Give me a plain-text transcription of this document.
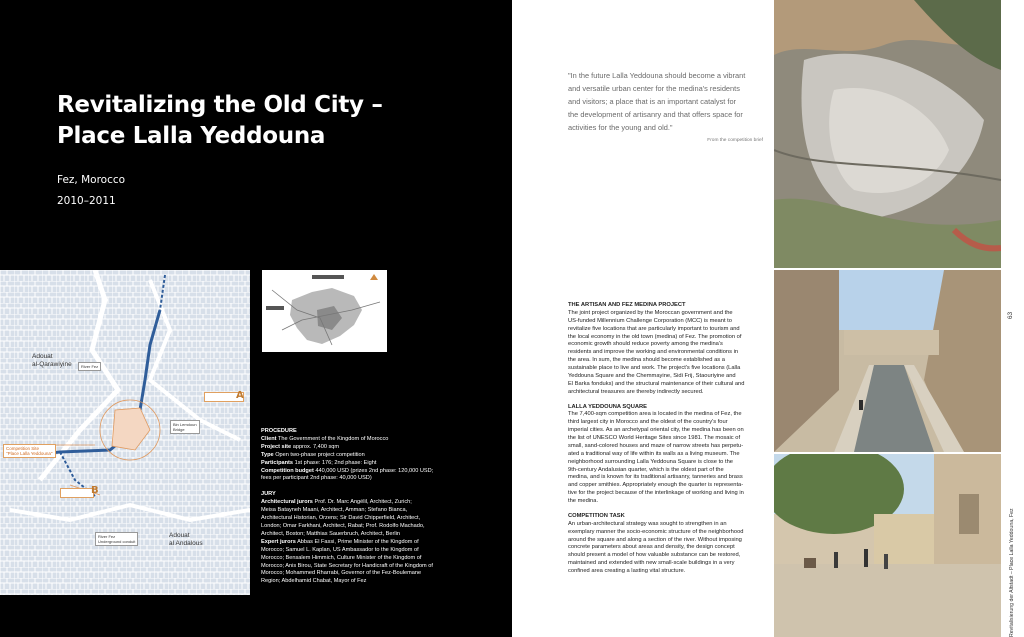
Revitalizing the Old City –
Place Lalla Yeddouna
Fez, Morocco
2010–2011
Adouat
al-Qarawiyine
Adouat
al Andalous
River Fez
Bin Lemdoun
Bridge
River Fez
Underground conduit
Competition Site
"Place Lalla Yeddouna"
A
B
PROCEDURE
Client The Government of the Kingdom of Morocco
Project site approx. 7,400 sqm
Type Open two-phase project competition
Participants 1st phase: 176; 2nd phase: Eight
Competition budget 440,000 USD (prizes 2nd phase: 120,000 USD;
fees per participant 2nd phase: 40,000 USD)
JURY
Architectural jurors Prof. Dr. Marc Angélil, Architect, Zurich;
Meisa Batayneh Maani, Architect, Amman; Stefano Bianca,
Architectural Historian, Orzens; Sir David Chipperfield, Architect,
London; Omar Farkhani, Architect, Rabat; Prof. Rodolfo Machado,
Architect, Boston; Matthias Sauerbruch, Architect, Berlin
Expert jurors Abbas El Fassi, Prime Minister of the Kingdom of
Morocco; Samuel L. Kaplan, US Ambassador to the Kingdom of
Morocco; Bensalem Himmich, Culture Minister of the Kingdom of
Morocco; Anis Birou, State Secretary for Handicraft of the Kingdom of
Morocco; Mohammed Rharrabi, Governor of the Fez-Boulemane
Region; Abdelhamid Chabat, Mayor of Fez
"In the future Lalla Yeddouna should become a vibrant
and versatile urban center for the medina's residents
and visitors; a place that is an important catalyst for
the development of artisanry and that offers space for
activities for the young and old."
From the competition brief
THE ARTISAN AND FEZ MEDINA PROJECT
The joint project organized by the Moroccan government and the
US-funded Millennium Challenge Corporation (MCC) is meant to
revitalize five locations that are particularly important to tourism and
the local economy in the old town (medina) of Fez. The promotion of
economic growth should reduce poverty among the medina's
residents and improve the working and environmental conditions in
the area. In sum, the medina should become established as a
sustainable place to live and work. The project's five locations (Lalla
Yeddouna Square and the Chemmayine, Sidi Frij, Staouriyine and
El Barka fonduks) and the structural maintenance of their cultural and
architectural treasures are thereby indirectly secured.
LALLA YEDDOUNA SQUARE
The 7,400-sqm competition area is located in the medina of Fez, the
third largest city in Morocco and the oldest of the country's four
imperial cities. As an archetypal oriental city, the medina has been on
the list of UNESCO World Heritage Sites since 1981. The mosaic of
small, sand-colored houses and maze of narrow streets has perpetu-
ated a traditional way of life within its walls as a living museum. The
neighborhood surrounding Lalla Yeddouna Square is close to the
9th-century Andalusian quarter, which is the oldest part of the
medina, and is known for its traditional artisanry, tanneries and brass
and copper smithies. Appropriately enough the quarter is representa-
tive for the project because of the interlinkage of working and living in
the medina.
COMPETITION TASK
An urban-architectural strategy was sought to strengthen in an
exemplary manner the socio-economic structure of the neighborhood
around the square and along a section of the river. Without imposing
concrete parameters about areas and density, the design concept
should present a model of how valuable substance can be restored,
maintained and extended with new small-scale buildings in a very
confined area creating a lasting vital structure.
63
Revitalisierung der Altstadt – Place Lalla Yeddouna, Fez
